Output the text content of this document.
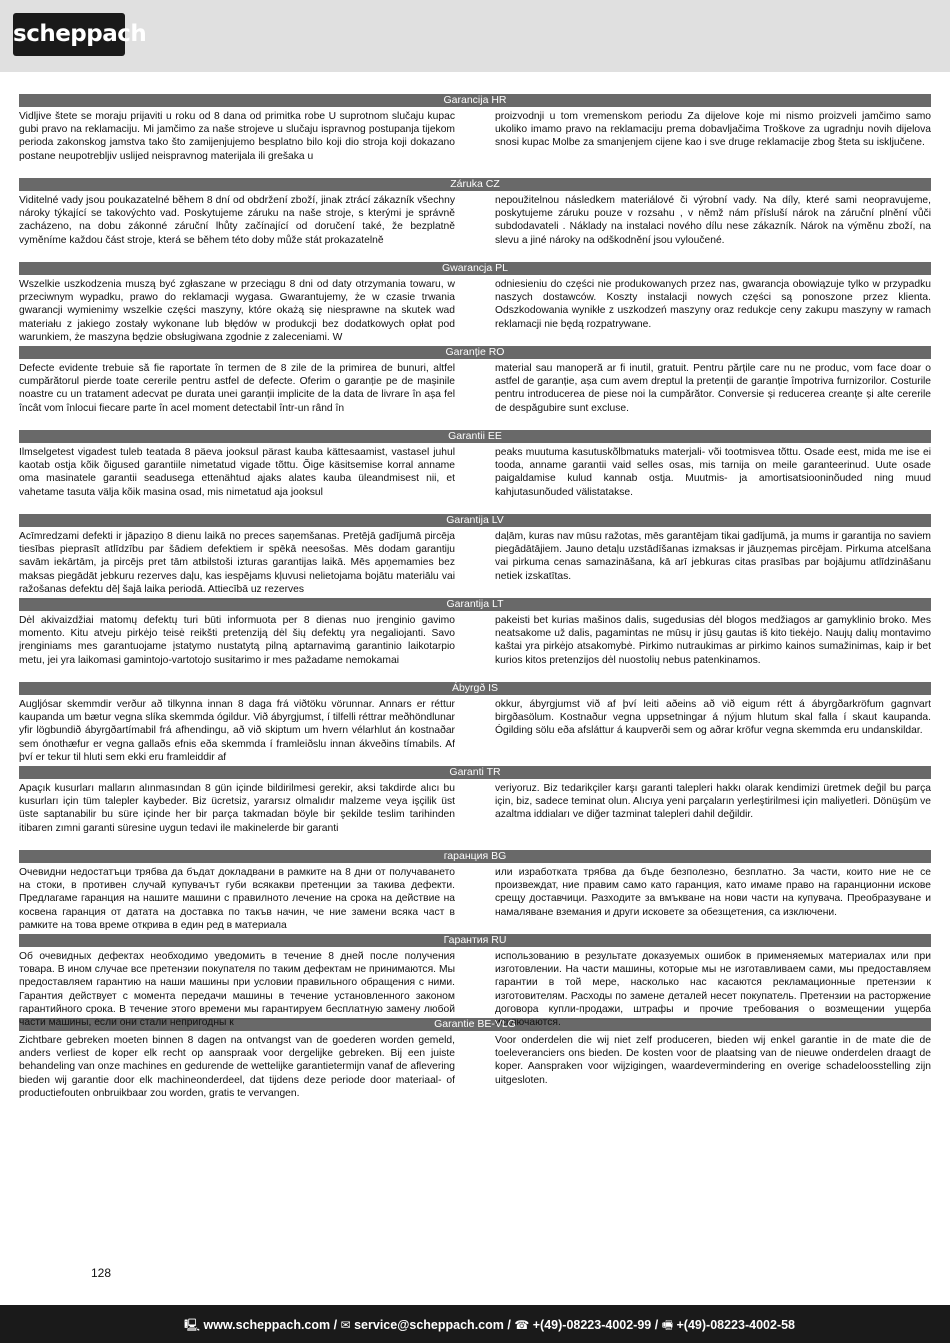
scheppach
Garancija HR
Vidljive štete se moraju prijaviti u roku od 8 dana od primitka robe U suprotnom slučaju kupac gubi pravo na reklamaciju. Mi jamčimo za naše strojeve u slučaju ispravnog postupanja tijekom perioda zakonskog jamstva tako što zamijenjujemo besplatno bilo koji dio stroja koji dokazano postane neupotrebljiv uslijed neispravnog materijala ili grešaka u
proizvodnji u tom vremenskom periodu Za dijelove koje mi nismo proizveli jamčimo samo ukoliko imamo pravo na reklamaciju prema dobavljačima Troškove za ugradnju novih dijelova snosi kupac Molbe za smanjenjem cijene kao i sve druge reklamacije zbog šteta su isključene.
Záruka CZ
Viditelné vady jsou poukazatelné během 8 dní od obdržení zboží, jinak ztrácí zákazník všechny nároky týkající se takovýchto vad. Poskytujeme záruku na naše stroje, s kterými je správně zacházeno, na dobu zákonné záruční lhůty začínající od doručení také, že bezplatně vyměníme každou část stroje, která se během této doby může stát prokazatelně
nepoužitelnou následkem materiálové či výrobní vady. Na díly, které sami neopravujeme, poskytujeme záruku pouze v rozsahu , v němž nám přísluší nárok na záruční plnění vůči subdodavateli . Náklady na instalaci nového dílu nese zákazník. Nárok na výměnu zboží, na slevu a jiné nároky na odškodnění jsou vyloučené.
Gwarancja PL
Wszelkie uszkodzenia muszą być zgłaszane w przeciągu 8 dni od daty otrzymania towaru, w przeciwnym wypadku, prawo do reklamacji wygasa. Gwarantujemy, że w czasie trwania gwarancji wymienimy wszelkie części maszyny, które okażą się niesprawne na skutek wad materiału z jakiego zostały wykonane lub błędów w produkcji bez dodatkowych opłat pod warunkiem, że maszyna będzie obsługiwana zgodnie z zaleceniami. W
odniesieniu do części nie produkowanych przez nas, gwarancja obowiązuje tylko w przypadku naszych dostawców. Koszty instalacji nowych części są ponoszone przez klienta. Odszkodowania wynikłe z uszkodzeń maszyny oraz redukcje ceny zakupu maszyny w ramach reklamacji nie będą rozpatrywane.
Garanție RO
Defecte evidente trebuie să fie raportate în termen de 8 zile de la primirea de bunuri, altfel cumpărătorul pierde toate cererile pentru astfel de defecte. Oferim o garanție pe de mașinile noastre cu un tratament adecvat pe durata unei garanții implicite de la data de livrare în așa fel încât vom înlocui fiecare parte în acel moment detectabil într-un rând în
material sau manoperă ar fi inutil, gratuit. Pentru părțile care nu ne produc, vom face doar o astfel de garanție, așa cum avem dreptul la pretenții de garanție împotriva furnizorilor. Costurile pentru introducerea de piese noi la cumpărător. Conversie și reducerea creanțe și alte cererile de despăgubire sunt excluse.
Garantii EE
Ilmselgetest vigadest tuleb teatada 8 päeva jooksul pärast kauba kättesaamist, vastasel juhul kaotab ostja kõik õigused garantiile nimetatud vigade tõttu. Õige käsitsemise korral anname oma masinatele garantii seadusega ettenähtud ajaks alates kauba üleandmisest nii, et vahetame tasuta välja kõik masina osad, mis nimetatud aja jooksul
peaks muutuma kasutuskõlbmatuks materjali- või tootmisvea tõttu. Osade eest, mida me ise ei tooda, anname garantii vaid selles osas, mis tarnija on meile garanteerinud. Uute osade paigaldamise kulud kannab ostja. Muutmis- ja amortisatsiooninõuded ning muud kahjutasunõuded välistatakse.
Garantija LV
Acīmredzami defekti ir jāpaziņo 8 dienu laikā no preces saņemšanas. Pretējā gadījumā pircēja tiesības pieprasīt atlīdzību par šādiem defektiem ir spēkā neesošas. Mēs dodam garantiju savām iekārtām, ja pircējs pret tām atbilstoši izturas garantijas laikā. Mēs apņemamies bez maksas piegādāt jebkuru rezerves daļu, kas iespējams kļuvusi nelietojama bojātu materiālu vai ražošanas defektu dēļ šajā laika periodā. Attiecībā uz rezerves
daļām, kuras nav mūsu ražotas, mēs garantējam tikai gadījumā, ja mums ir garantija no saviem piegādātājiem. Jauno detaļu uzstādīšanas izmaksas ir jāuzņemas pircējam. Pirkuma atcelšana vai pirkuma cenas samazināšana, kā arī jebkuras citas prasības par bojājumu atlīdzināšanu netiek izskatītas.
Garantija LT
Dėl akivaizdžiai matomų defektų turi būti informuota per 8 dienas nuo įrenginio gavimo momento. Kitu atveju pirkėjo teisė reikšti pretenziją dėl šių defektų yra negaliojanti. Savo įrenginiams mes garantuojame įstatymo nustatytą pilną aptarnavimą garantinio laikotarpio metu, jei yra laikomasi gamintojo-vartotojo susitarimo ir mes pažadame nemokamai
pakeisti bet kurias mašinos dalis, sugedusias dėl blogos medžiagos ar gamyklinio broko. Mes neatsakome už dalis, pagamintas ne mūsų ir jūsų gautas iš kito tiekėjo. Naujų dalių montavimo kaštai yra pirkėjo atsakomybė. Pirkimo nutraukimas ar pirkimo kainos sumažinimas, kaip ir bet kurios kitos pretenzijos dėl nuostolių nebus patenkinamos.
Ábyrgð IS
Augljósar skemmdir verður að tilkynna innan 8 daga frá viðtöku vörunnar. Annars er réttur kaupanda um bætur vegna slíka skemmda ógildur. Við ábyrgjumst, í tilfelli réttrar meðhöndlunar yfir lögbundið ábyrgðartímabil frá afhendingu, að við skiptum um hvern vélarhlut án kostnaðar sem ónothæfur er vegna gallaðs efnis eða skemmda í framleiðslu innan ákveðins tímabils. Af því er tekur til hluti sem ekki eru framleiddir af
okkur, ábyrgjumst við af því leiti aðeins að við eigum rétt á ábyrgðarkröfum gagnvart birgðasölum. Kostnaður vegna uppsetningar á nýjum hlutum skal falla í skaut kaupanda. Ógilding sölu eða afsláttur á kaupverði sem og aðrar kröfur vegna skemmda eru undanskildar.
Garanti TR
Apaçık kusurları malların alınmasından 8 gün içinde bildirilmesi gerekir, aksi takdirde alıcı bu kusurları için tüm talepler kaybeder. Biz ücretsiz, yararsız olmalıdır malzeme veya işçilik üst üste saptanabilir bu süre içinde her bir parça takmadan böyle bir şekilde teslim tarihinden itibaren zımni garanti süresine uygun tedavi ile makinelerde bir garanti
veriyoruz. Biz tedarikçiler karşı garanti talepleri hakkı olarak kendimizi üretmek değil bu parça için, biz, sadece teminat olun. Alıcıya yeni parçaların yerleştirilmesi için maliyetleri. Dönüşüm ve azaltma iddiaları ve diğer tazminat talepleri dahil değildir.
гаранция BG
Очевидни недостатъци трябва да бъдат докладвани в рамките на 8 дни от получаването на стоки, в противен случай купувачът губи всякакви претенции за такива дефекти. Предлагаме гаранция на нашите машини с правилното лечение на срока на действие на косвена гаранция от датата на доставка по такъв начин, че ние замени всяка част в рамките на това време откривa в един ред в материала
или изработката трябва да бъде безполезно, безплатно. За части, които ние не се произвеждат, ние правим само като гаранция, като имаме право на гаранционни искове срещу доставчици. Разходите за вмъкване на нови части на купувача. Преобразуване и намаляване вземания и други исковете за обезщетения, са изключени.
Гарантия RU
Об очевидных дефектах необходимо уведомить в течение 8 дней после получения товара. В ином случае все претензии покупателя по таким дефектам не принимаются. Мы предоставляем гарантию на наши машины при условии правильного обращения с ними. Гарантия действует с момента передачи машины в течение установленного законом гарантийного срока. В течение этого времени мы гарантируем бесплатную замену любой части машины, если они стали непригодны к
использованию в результате доказуемых ошибок в применяемых материалах или при изготовлении. На части машины, которые мы не изготавливаем сами, мы предоставляем гарантии в той мере, насколько нас касаются рекламационные претензии к изготовителям. Расходы по замене деталей несет покупатель. Претензии на расторжение договора купли-продажи, штрафы и прочие требования о возмещении ущерба исключаются.
Garantie BE-VLG
Zichtbare gebreken moeten binnen 8 dagen na ontvangst van de goederen worden gemeld, anders verliest de koper elk recht op aanspraak voor dergelijke gebreken. Bij een juiste behandeling van onze machines en gedurende de wettelijke garantietermijn vanaf de aflevering bieden wij garantie door elk machineonderdeel, dat tijdens deze periode door materiaal- of productiefouten onbruikbaar zou worden, gratis te vervangen.
Voor onderdelen die wij niet zelf produceren, bieden wij enkel garantie in de mate die de toeleveranciers ons bieden. De kosten voor de plaatsing van de nieuwe onderdelen draagt de koper. Aanspraken voor wijzigingen, waardevermindering en overige schadeloosstelling zijn uitgesloten.
128
🖳 www.scheppach.com / ✉ service@scheppach.com / ☎ +(49)-08223-4002-99 / 🖷 +(49)-08223-4002-58
